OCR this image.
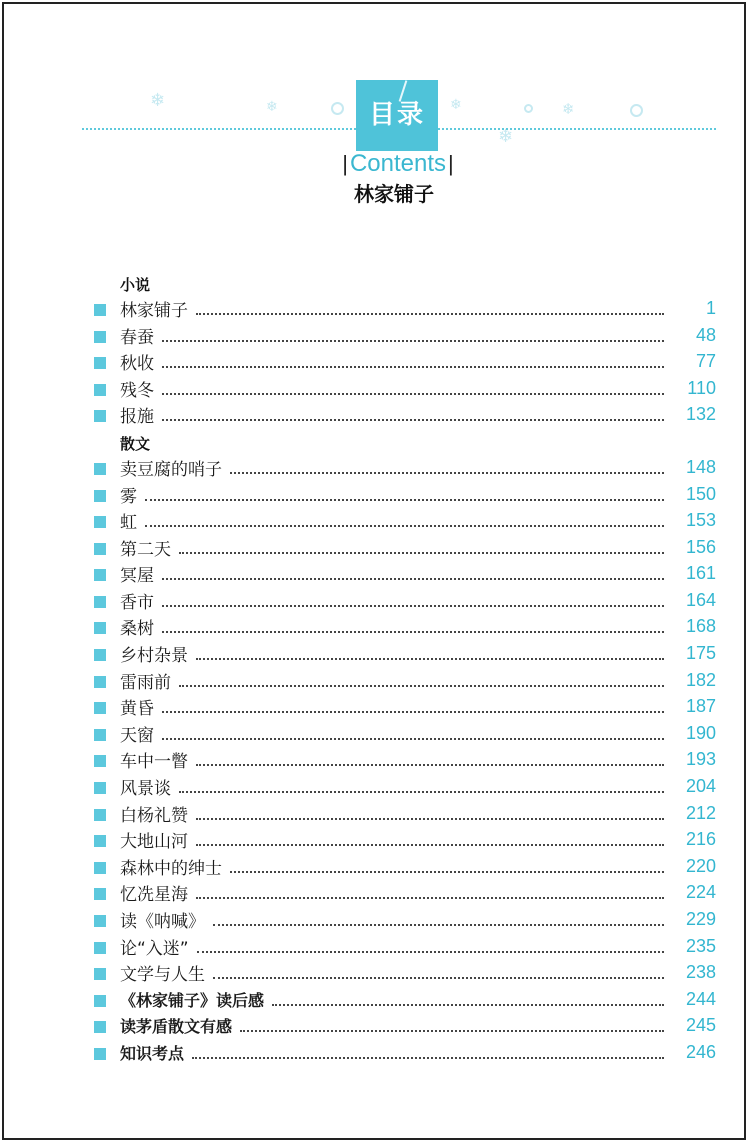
❄	❄	❄
❄
❄
目录
|Contents|
林家铺子
小说
林家铺子	1
春蚕	48
秋收	77
残冬	110
报施	132
散文
卖豆腐的哨子	148
雾	150
虹	153
第二天	156
冥屋	161
香市	164
桑树	168
乡村杂景	175
雷雨前	182
黄昏	187
天窗	190
车中一瞥	193
风景谈	204
白杨礼赞	212
大地山河	216
森林中的绅士	220
忆冼星海	224
读《呐喊》	229
论“入迷”	235
文学与人生	238
《林家铺子》读后感	244
读茅盾散文有感	245
知识考点	246
